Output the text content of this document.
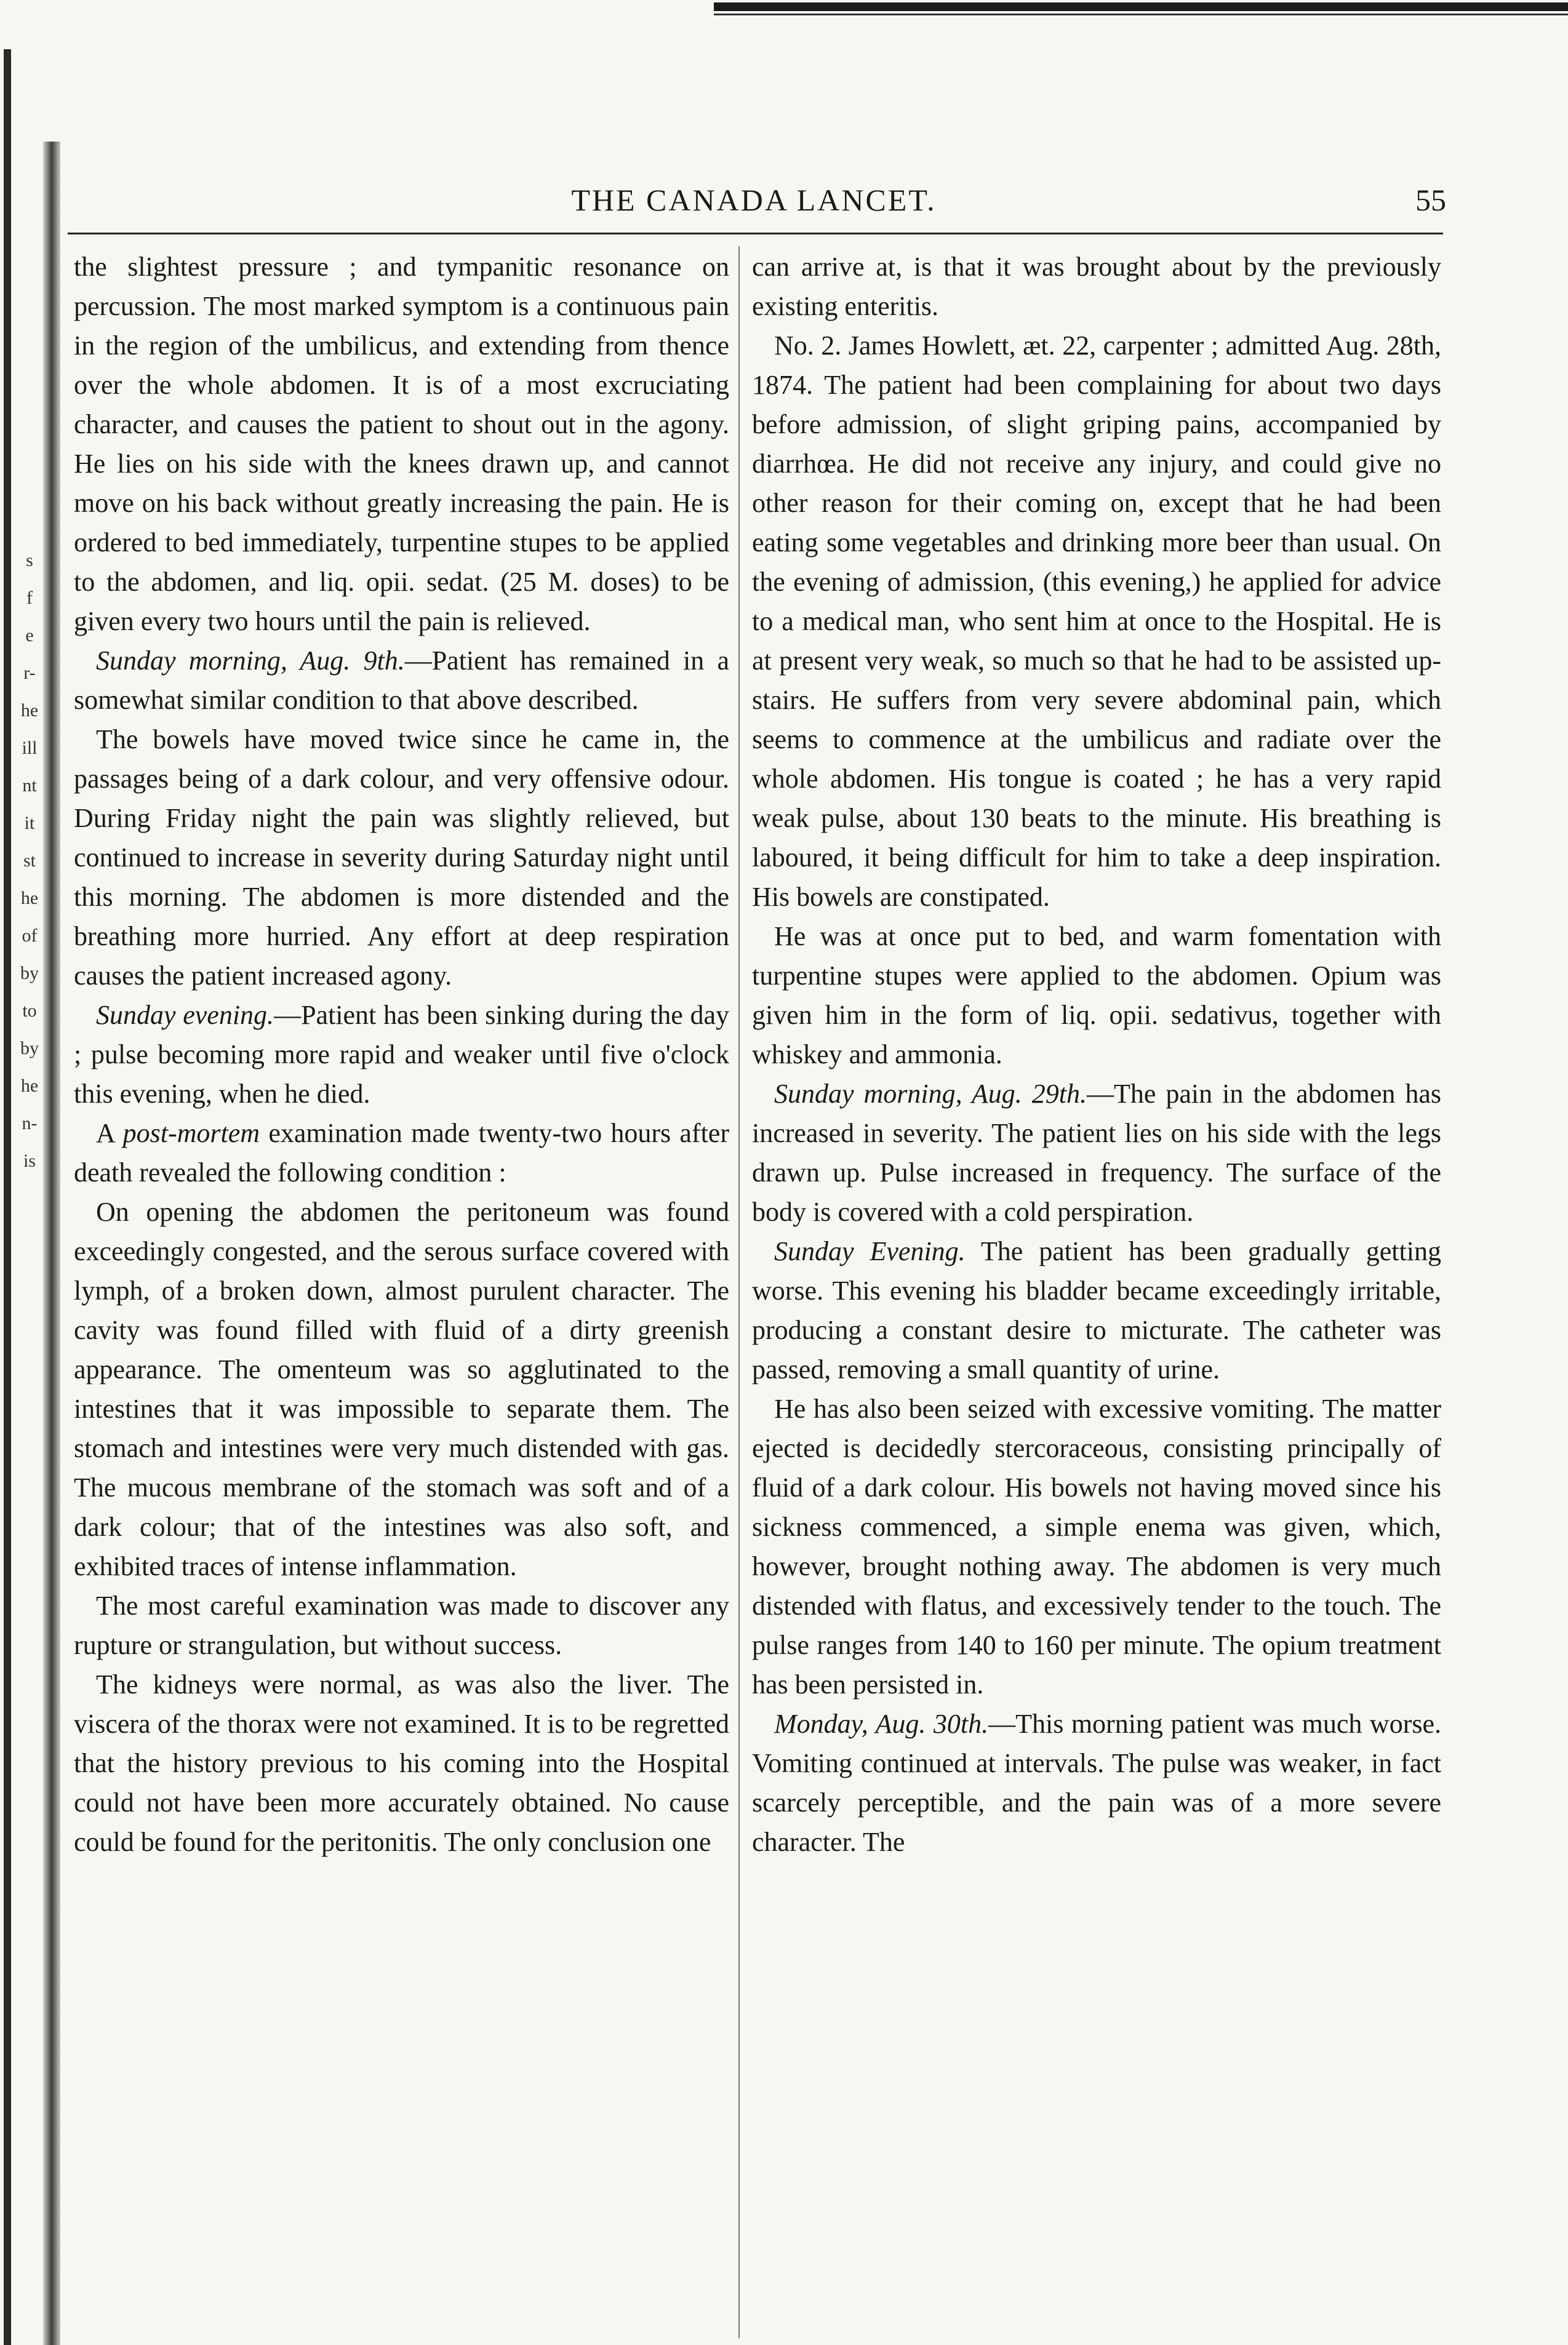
s
f
e
r-
he
ill
nt
it
st
he
of
by
to
by
he
n-
is
THE CANADA LANCET.	55

the slightest pressure ; and tympanitic resonance on percussion. The most marked symptom is a continuous pain in the region of the umbilicus, and extending from thence over the whole abdomen. It is of a most excruciating character, and causes the patient to shout out in the agony. He lies on his side with the knees drawn up, and cannot move on his back without greatly increasing the pain. He is ordered to bed immediately, turpentine stupes to be applied to the abdomen, and liq. opii. sedat. (25 M. doses) to be given every two hours until the pain is relieved.

Sunday morning, Aug. 9th.—Patient has remained in a somewhat similar condition to that above described.

The bowels have moved twice since he came in, the passages being of a dark colour, and very offensive odour. During Friday night the pain was slightly relieved, but continued to increase in severity during Saturday night until this morning. The abdomen is more distended and the breathing more hurried. Any effort at deep respiration causes the patient increased agony.

Sunday evening.—Patient has been sinking during the day ; pulse becoming more rapid and weaker until five o'clock this evening, when he died.

A post-mortem examination made twenty-two hours after death revealed the following condition :

On opening the abdomen the peritoneum was found exceedingly congested, and the serous surface covered with lymph, of a broken down, almost purulent character. The cavity was found filled with fluid of a dirty greenish appearance. The omenteum was so agglutinated to the intestines that it was impossible to separate them. The stomach and intestines were very much distended with gas. The mucous membrane of the stomach was soft and of a dark colour; that of the intestines was also soft, and exhibited traces of intense inflammation.

The most careful examination was made to discover any rupture or strangulation, but without success.

The kidneys were normal, as was also the liver. The viscera of the thorax were not examined. It is to be regretted that the history previous to his coming into the Hospital could not have been more accurately obtained. No cause could be found for the peritonitis. The only conclusion one

can arrive at, is that it was brought about by the previously existing enteritis.

No. 2. James Howlett, æt. 22, carpenter ; admitted Aug. 28th, 1874. The patient had been complaining for about two days before admission, of slight griping pains, accompanied by diarrhœa. He did not receive any injury, and could give no other reason for their coming on, except that he had been eating some vegetables and drinking more beer than usual. On the evening of admission, (this evening,) he applied for advice to a medical man, who sent him at once to the Hospital. He is at present very weak, so much so that he had to be assisted up-stairs. He suffers from very severe abdominal pain, which seems to commence at the umbilicus and radiate over the whole abdomen. His tongue is coated ; he has a very rapid weak pulse, about 130 beats to the minute. His breathing is laboured, it being difficult for him to take a deep inspiration. His bowels are constipated.

He was at once put to bed, and warm fomentation with turpentine stupes were applied to the abdomen. Opium was given him in the form of liq. opii. sedativus, together with whiskey and ammonia.

Sunday morning, Aug. 29th.—The pain in the abdomen has increased in severity. The patient lies on his side with the legs drawn up. Pulse increased in frequency. The surface of the body is covered with a cold perspiration.

Sunday Evening. The patient has been gradually getting worse. This evening his bladder became exceedingly irritable, producing a constant desire to micturate. The catheter was passed, removing a small quantity of urine.

He has also been seized with excessive vomiting. The matter ejected is decidedly stercoraceous, consisting principally of fluid of a dark colour. His bowels not having moved since his sickness commenced, a simple enema was given, which, however, brought nothing away. The abdomen is very much distended with flatus, and excessively tender to the touch. The pulse ranges from 140 to 160 per minute. The opium treatment has been persisted in.

Monday, Aug. 30th.—This morning patient was much worse. Vomiting continued at intervals. The pulse was weaker, in fact scarcely perceptible, and the pain was of a more severe character. The
